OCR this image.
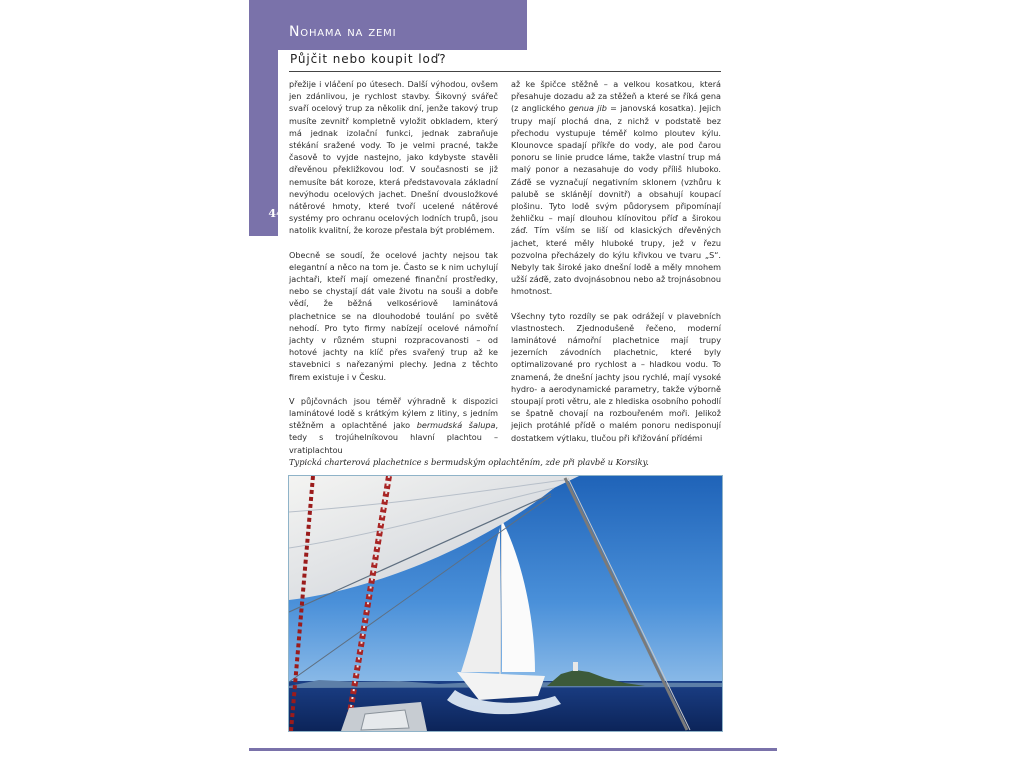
Nohama na zemi
44
Půjčit nebo koupit loď?

přežije i vláčení po útesech. Další výhodou, ovšem jen zdánlivou, je rychlost stavby. Šikovný svářeč svaří ocelový trup za několik dní, jenže takový trup musíte zevnitř kompletně vyložit obkladem, který má jednak izolační funkci, jednak zabraňuje stékání sražené vody. To je velmi pracné, takže časově to vyjde nastejno, jako kdybyste stavěli dřevěnou překližkovou loď. V současnosti se již nemusíte bát koroze, která představovala základní nevýhodu ocelových jachet. Dnešní dvousložkové nátěrové hmoty, které tvoří ucelené nátěrové systémy pro ochranu ocelových lodních trupů, jsou natolik kvalitní, že koroze přestala být problémem.

Obecně se soudí, že ocelové jachty nejsou tak elegantní a něco na tom je. Často se k nim uchylují jachtaři, kteří mají omezené finanční prostředky, nebo se chystají dát vale životu na souši a dobře vědí, že běžná velkosériově laminátová plachetnice se na dlouhodobé toulání po světě nehodí. Pro tyto firmy nabízejí ocelové námořní jachty v různém stupni rozpracovanosti – od hotové jachty na klíč přes svařený trup až ke stavebnici s nařezanými plechy. Jedna z těchto firem existuje i v Česku.

V půjčovnách jsou téměř výhradně k dispozici laminátové lodě s krátkým kýlem z litiny, s jedním stěžněm a oplachtěné jako bermudská šalupa, tedy s trojúhelníkovou hlavní plachtou – vratiplachtou

až ke špičce stěžně – a velkou kosatkou, která přesahuje dozadu až za stěžeň a které se říká gena (z anglického genua jib = janovská kosatka). Jejich trupy mají plochá dna, z nichž v podstatě bez přechodu vystupuje téměř kolmo ploutev kýlu. Klounovce spadají příkře do vody, ale pod čarou ponoru se linie prudce láme, takže vlastní trup má malý ponor a nezasahuje do vody příliš hluboko. Záďě se vyznačují negativním sklonem (vzhůru k palubě se sklánějí dovnitř) a obsahují koupací plošinu. Tyto lodě svým půdorysem připomínají žehličku – mají dlouhou klínovitou příď a širokou záď. Tím vším se liší od klasických dřevěných jachet, které měly hluboké trupy, jež v řezu pozvolna přecházely do kýlu křivkou ve tvaru „S“. Nebyly tak široké jako dnešní lodě a měly mnohem užší záďě, zato dvojnásobnou nebo až trojnásobnou hmotnost.

Všechny tyto rozdíly se pak odrážejí v plavebních vlastnostech. Zjednodušeně řečeno, moderní laminátové námořní plachetnice mají trupy jezerních závodních plachetnic, které byly optimalizované pro rychlost a – hladkou vodu. To znamená, že dnešní jachty jsou rychlé, mají vysoké hydro- a aerodynamické parametry, takže výborně stoupají proti větru, ale z hlediska osobního pohodlí se špatně chovají na rozbouřeném moři. Jelikož jejich protáhlé přídě o malém ponoru nedisponují dostatkem výtlaku, tlučou při křižování přídémi

Typická charterová plachetnice s bermudským oplachtěním, zde při plavbě u Korsiky.
